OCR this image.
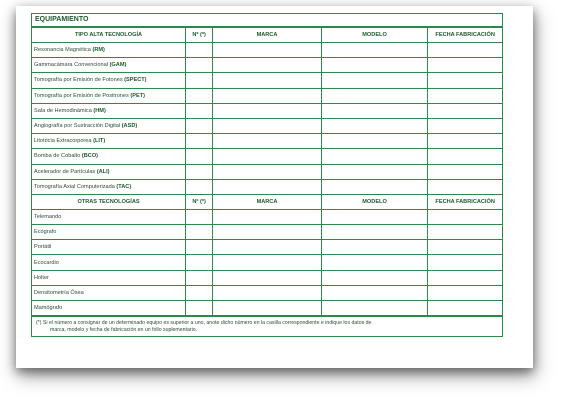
EQUIPAMIENTO
TIPO ALTA TECNOLOGÍA	Nº (*)	MARCA	MODELO	FECHA FABRICACIÓN
Resonancia Magnética (RM)				
Gammacámara Convencional (GAM)				
Tomografía por Emisión de Fotones (SPECT)				
Tomografía por Emisión de Positrones (PET)				
Sala de Hemodinámica (HM)				
Angiografía por Sustracción Digital (ASD)				
Litotricia Extracorporea (LIT)				
Bomba de Cobalto (BCO)				
Acelerador de Partículas (ALI)				
Tomografía Axial Computerizada (TAC)				
OTRAS TECNOLOGÍAS	Nº (*)	MARCA	MODELO	FECHA FABRICACIÓN
Telemando				
Ecógrafo				
Portátil				
Ecocardio				
Holter				
Densitometría Ósea				
Mamógrafo				
(*) Si el número a consignar de un determinado equipo es superior a uno, anote dicho número en la casilla correspondiente e indique los datos de
marca, modelo y fecha de fabricación en un folio suplementario.
